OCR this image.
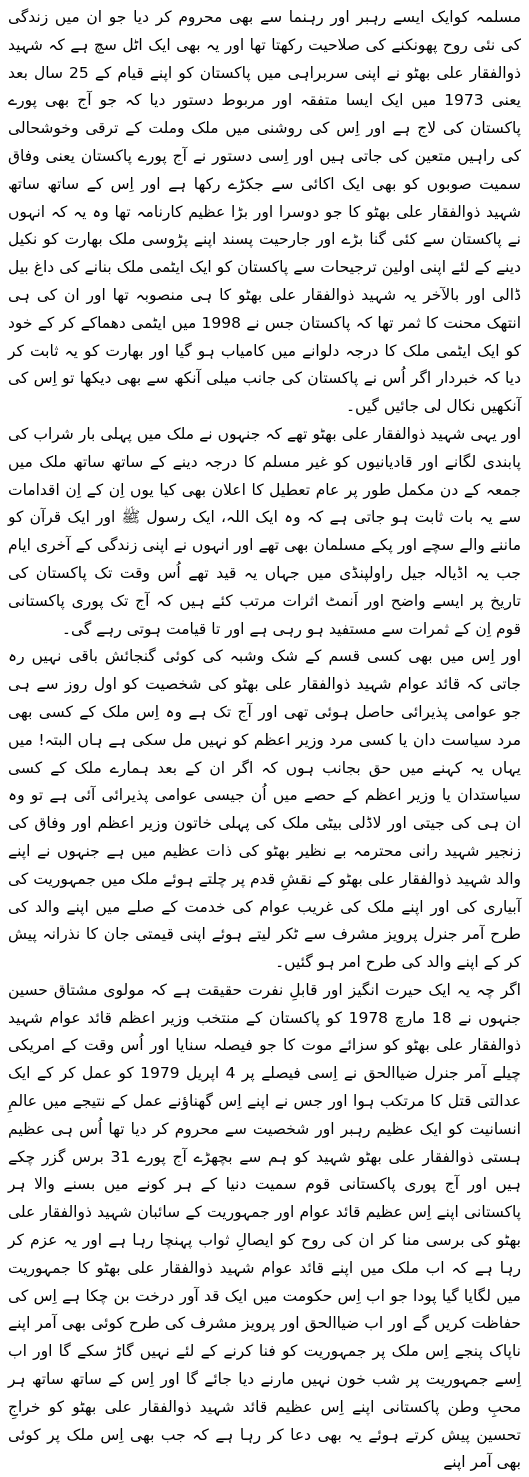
مسلمہ کوایک ایسے رہبر اور رہنما سے بھی محروم کر دیا جو ان میں زندگی کی نئی روح پھونکنے کی صلاحیت رکھتا تھا اور یہ بھی ایک اٹل سچ ہے کہ شہید ذوالفقار علی بھٹو نے اپنی سربراہی میں پاکستان کو اپنے قیام کے 25 سال بعد یعنی 1973 میں ایک ایسا متفقہ اور مربوط دستور دیا کہ جو آج بھی پورے پاکستان کی لاج ہے اور اِس کی روشنی میں ملک وملت کے ترقی وخوشحالی کی راہیں متعین کی جاتی ہیں اور اِسی دستور نے آج پورے پاکستان یعنی وفاق سمیت صوبوں کو بھی ایک اکائی سے جکڑے رکھا ہے اور اِس کے ساتھ ساتھ شہید ذوالفقار علی بھٹو کا جو دوسرا اور بڑا عظیم کارنامہ تھا وہ یہ کہ انہوں نے پاکستان سے کئی گنا بڑے اور جارحیت پسند اپنے پڑوسی ملک بھارت کو نکیل دینے کے لئے اپنی اولین ترجیحات سے پاکستان کو ایک ایٹمی ملک بنانے کی داغ بیل ڈالی اور بالآخر یہ شہید ذوالفقار علی بھٹو کا ہی منصوبہ تھا اور ان کی ہی انتھک محنت کا ثمر تھا کہ پاکستان جس نے 1998 میں ایٹمی دھماکے کر کے خود کو ایک ایٹمی ملک کا درجہ دلوانے میں کامیاب ہو گیا اور بھارت کو یہ ثابت کر دیا کہ خبردار اگر اُس نے پاکستان کی جانب میلی آنکھ سے بھی دیکھا تو اِس کی آنکھیں نکال لی جائیں گیں۔

اور یہی شہید ذوالفقار علی بھٹو تھے کہ جنہوں نے ملک میں پہلی بار شراب کی پابندی لگانے اور قادیانیوں کو غیر مسلم کا درجہ دینے کے ساتھ ساتھ ملک میں جمعہ کے دن مکمل طور پر عام تعطیل کا اعلان بھی کیا یوں اِن کے اِن اقدامات سے یہ بات ثابت ہو جاتی ہے کہ وہ ایک اللہ، ایک رسول ﷺ اور ایک قرآن کو ماننے والے سچے اور پکے مسلمان بھی تھے اور انہوں نے اپنی زندگی کے آخری ایام جب یہ اڈیالہ جیل راولپنڈی میں جہاں یہ قید تھے اُس وقت تک پاکستان کی تاریخ پر ایسے واضح اور اَنمٹ اثرات مرتب کئے ہیں کہ آج تک پوری پاکستانی قوم اِن کے ثمرات سے مستفید ہو رہی ہے اور تا قیامت ہوتی رہے گی۔

اور اِس میں بھی کسی قسم کے شک وشبہ کی کوئی گنجائش باقی نہیں رہ جاتی کہ قائد عوام شہید ذوالفقار علی بھٹو کی شخصیت کو اول روز سے ہی جو عوامی پذیرائی حاصل ہوئی تھی اور آج تک ہے وہ اِس ملک کے کسی بھی مرد سیاست دان یا کسی مرد وزیر اعظم کو نہیں مل سکی ہے ہاں البتہ! میں یہاں یہ کہنے میں حق بجانب ہوں کہ اگر ان کے بعد ہمارے ملک کے کسی سیاستدان یا وزیر اعظم کے حصے میں اُن جیسی عوامی پذیرائی آئی ہے تو وہ ان ہی کی جیتی اور لاڈلی بیٹی ملک کی پہلی خاتون وزیر اعظم اور وفاق کی زنجیر شہید رانی محترمہ بے نظیر بھٹو کی ذات عظیم میں ہے جنہوں نے اپنے والد شہید ذوالفقار علی بھٹو کے نقشِ قدم پر چلتے ہوئے ملک میں جمہوریت کی آبیاری کی اور اپنے ملک کی غریب عوام کی خدمت کے صلے میں اپنے والد کی طرح آمر جنرل پرویز مشرف سے ٹکر لیتے ہوئے اپنی قیمتی جان کا نذرانہ پیش کر کے اپنے والد کی طرح امر ہو گئیں۔

اگر چہ یہ ایک حیرت انگیز اور قابلِ نفرت حقیقت ہے کہ مولوی مشتاق حسین جنہوں نے 18 مارچ 1978 کو پاکستان کے منتخب وزیر اعظم قائد عوام شہید ذوالفقار علی بھٹو کو سزائے موت کا جو فیصلہ سنایا اور اُس وقت کے امریکی چیلے آمر جنرل ضیاالحق نے اِسی فیصلے پر 4 اپریل 1979 کو عمل کر کے ایک عدالتی قتل کا مرتکب ہوا اور جس نے اپنے اِس گھناؤنے عمل کے نتیجے میں عالمِ انسانیت کو ایک عظیم رہبر اور شخصیت سے محروم کر دیا تھا اُس ہی عظیم ہستی ذوالفقار علی بھٹو شہید کو ہم سے بچھڑے آج پورے 31 برس گزر چکے ہیں اور آج پوری پاکستانی قوم سمیت دنیا کے ہر کونے میں بسنے والا ہر پاکستانی اپنے اِس عظیم قائد عوام اور جمہوریت کے سائبان شہید ذوالفقار علی بھٹو کی برسی منا کر ان کی روح کو ایصالِ ثواب پہنچا رہا ہے اور یہ عزم کر رہا ہے کہ اب ملک میں اپنے قائد عوام شہید ذوالفقار علی بھٹو کا جمہوریت میں لگایا گیا پودا جو اب اِس حکومت میں ایک قد آور درخت بن چکا ہے اِس کی حفاظت کریں گے اور اب ضیاالحق اور پرویز مشرف کی طرح کوئی بھی آمر اپنے ناپاک پنجے اِس ملک پر جمہوریت کو فنا کرنے کے لئے نہیں گاڑ سکے گا اور اب اِسے جمہوریت پر شب خون نہیں مارنے دیا جائے گا اور اِس کے ساتھ ساتھ ہر محبِ وطن پاکستانی اپنے اِس عظیم قائد شہید ذوالفقار علی بھٹو کو خراجِ تحسین پیش کرتے ہوئے یہ بھی دعا کر رہا ہے کہ جب بھی اِس ملک پر کوئی بھی آمر اپنے
